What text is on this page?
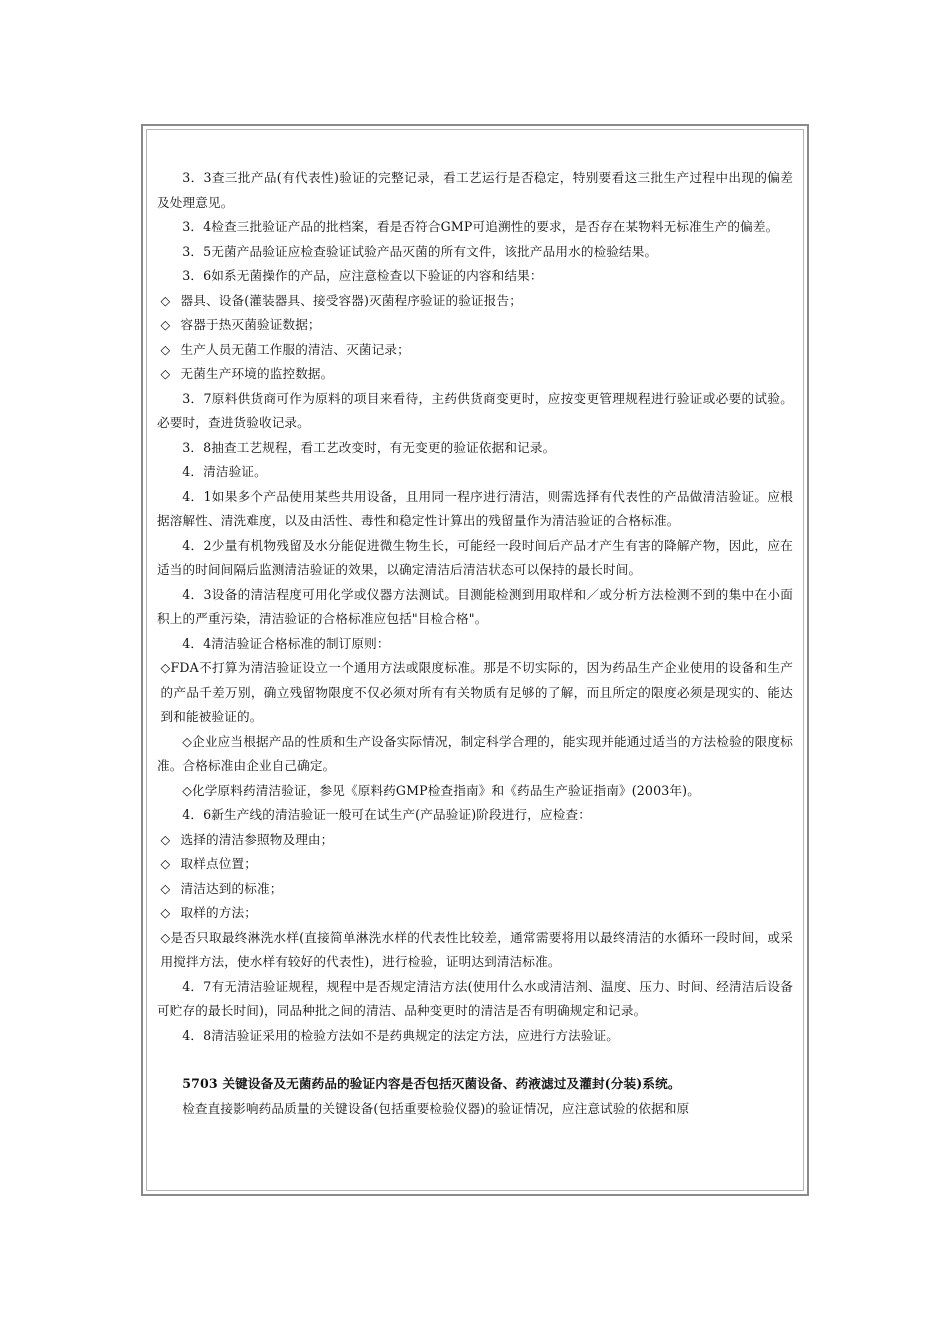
3．3查三批产品(有代表性)验证的完整记录，看工艺运行是否稳定，特别要看这三批生产过程中出现的偏差及处理意见。

3．4检查三批验证产品的批档案，看是否符合GMP可追溯性的要求，是否存在某物料无标准生产的偏差。

3．5无菌产品验证应检查验证试验产品灭菌的所有文件，该批产品用水的检验结果。

3．6如系无菌操作的产品，应注意检查以下验证的内容和结果：

◇ 器具、设备(灌装器具、接受容器)灭菌程序验证的验证报告；

◇ 容器于热灭菌验证数据；

◇ 生产人员无菌工作服的清洁、灭菌记录；

◇ 无菌生产环境的监控数据。

3．7原料供货商可作为原料的项目来看待，主药供货商变更时，应按变更管理规程进行验证或必要的试验。必要时，查进货验收记录。

3．8抽查工艺规程，看工艺改变时，有无变更的验证依据和记录。

4．清洁验证。

4．1如果多个产品使用某些共用设备，且用同一程序进行清洁，则需选择有代表性的产品做清洁验证。应根据溶解性、清洗难度，以及由活性、毒性和稳定性计算出的残留量作为清洁验证的合格标准。

4．2少量有机物残留及水分能促进微生物生长，可能经一段时间后产品才产生有害的降解产物，因此，应在适当的时间间隔后监测清洁验证的效果，以确定清洁后清洁状态可以保持的最长时间。

4．3设备的清洁程度可用化学或仪器方法测试。目测能检测到用取样和／或分析方法检测不到的集中在小面积上的严重污染，清洁验证的合格标准应包括"目检合格"。

4．4清洁验证合格标准的制订原则：

◇FDA不打算为清洁验证设立一个通用方法或限度标准。那是不切实际的，因为药品生产企业使用的设备和生产的产品千差万别，确立残留物限度不仅必须对所有有关物质有足够的了解，而且所定的限度必须是现实的、能达到和能被验证的。

◇企业应当根据产品的性质和生产设备实际情况，制定科学合理的，能实现并能通过适当的方法检验的限度标准。合格标准由企业自己确定。

◇化学原料药清洁验证，参见《原料药GMP检查指南》和《药品生产验证指南》(2003年)。

4．6新生产线的清洁验证一般可在试生产(产品验证)阶段进行，应检查：

◇ 选择的清洁参照物及理由；

◇ 取样点位置；

◇ 清洁达到的标准；

◇ 取样的方法；

◇是否只取最终淋洗水样(直接简单淋洗水样的代表性比较差，通常需要将用以最终清洁的水循环一段时间，或采用搅拌方法，使水样有较好的代表性)，进行检验，证明达到清洁标准。

4．7有无清洁验证规程，规程中是否规定清洁方法(使用什么水或清洁剂、温度、压力、时间、经清洁后设备可贮存的最长时间)，同品种批之间的清洁、品种变更时的清洁是否有明确规定和记录。

4．8清洁验证采用的检验方法如不是药典规定的法定方法，应进行方法验证。

5703 关键设备及无菌药品的验证内容是否包括灭菌设备、药液滤过及灌封(分装)系统。

检查直接影响药品质量的关键设备(包括重要检验仪器)的验证情况，应注意试验的依据和原
